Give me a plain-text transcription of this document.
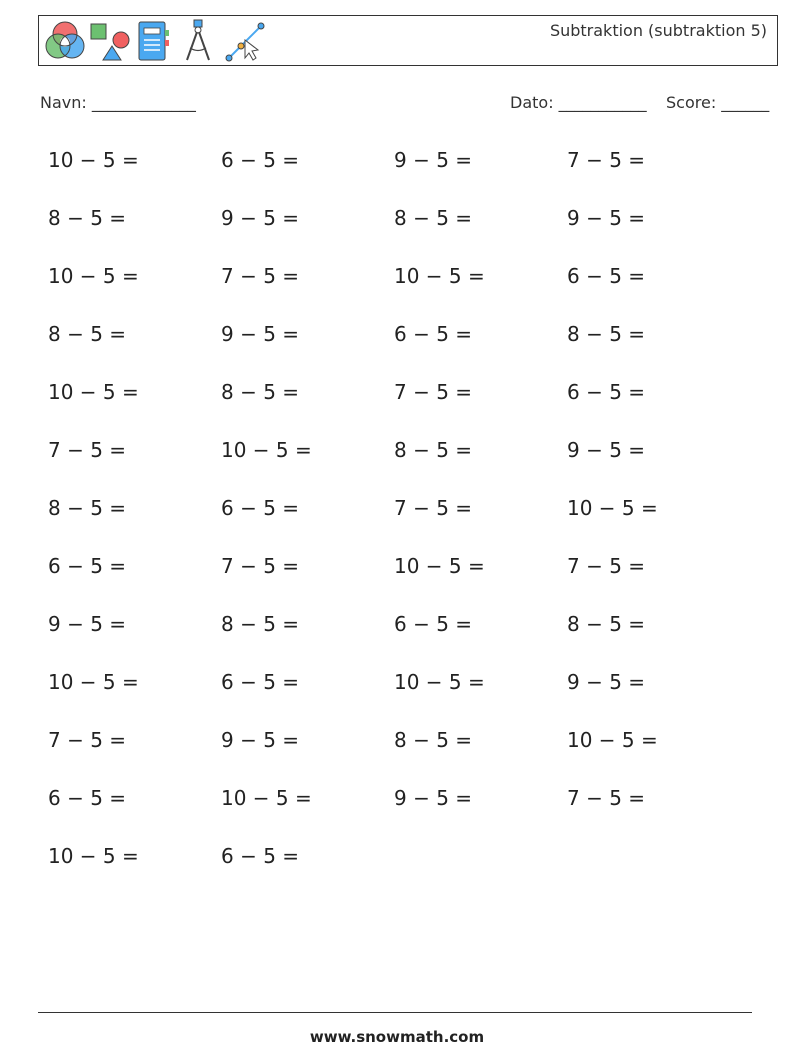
Subtraktion (subtraktion 5)
Navn: _____________	Dato: ___________ Score: ______
10 − 5 =	6 − 5 =	9 − 5 =	7 − 5 =
8 − 5 =	9 − 5 =	8 − 5 =	9 − 5 =
10 − 5 =	7 − 5 =	10 − 5 =	6 − 5 =
8 − 5 =	9 − 5 =	6 − 5 =	8 − 5 =
10 − 5 =	8 − 5 =	7 − 5 =	6 − 5 =
7 − 5 =	10 − 5 =	8 − 5 =	9 − 5 =
8 − 5 =	6 − 5 =	7 − 5 =	10 − 5 =
6 − 5 =	7 − 5 =	10 − 5 =	7 − 5 =
9 − 5 =	8 − 5 =	6 − 5 =	8 − 5 =
10 − 5 =	6 − 5 =	10 − 5 =	9 − 5 =
7 − 5 =	9 − 5 =	8 − 5 =	10 − 5 =
6 − 5 =	10 − 5 =	9 − 5 =	7 − 5 =
10 − 5 =	6 − 5 =
www.snowmath.com
